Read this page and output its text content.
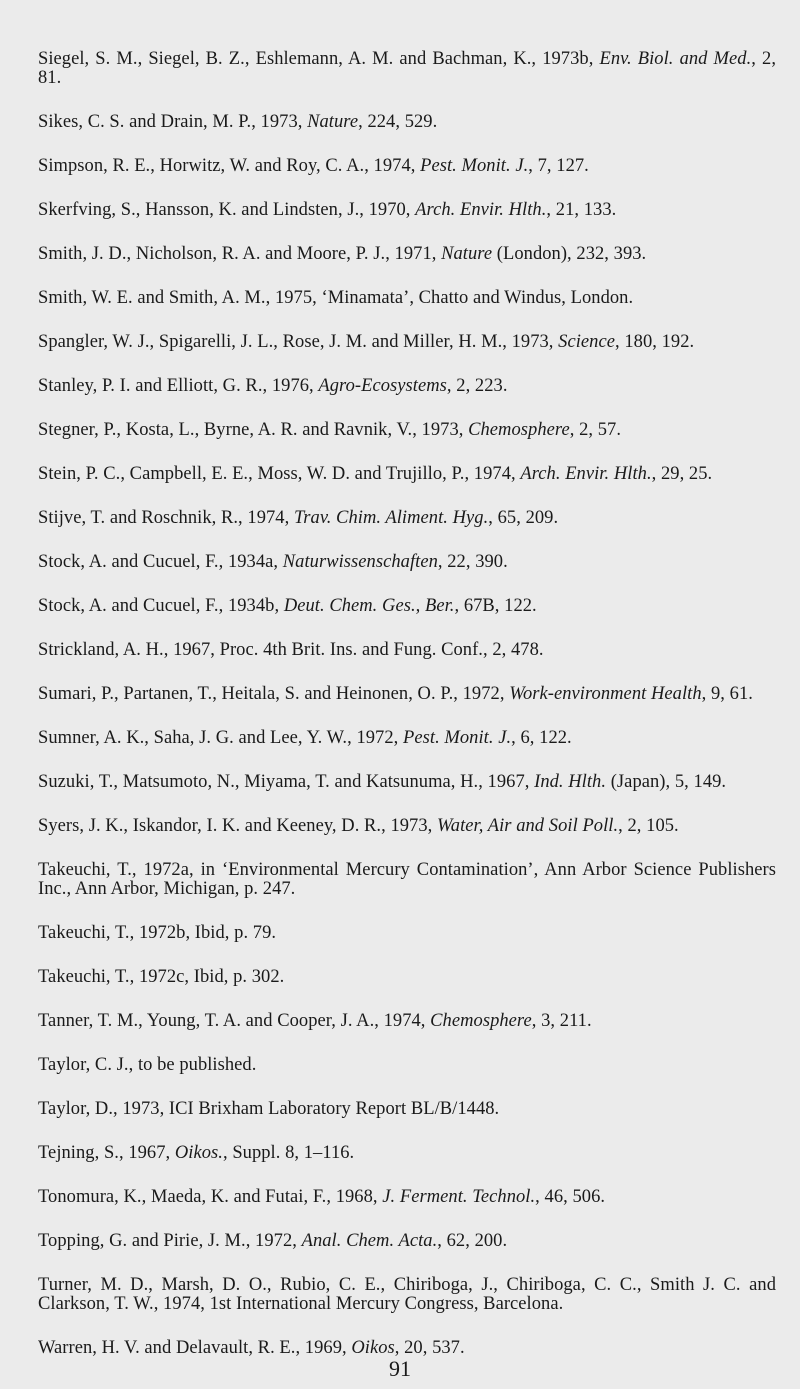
Siegel, S. M., Siegel, B. Z., Eshlemann, A. M. and Bachman, K., 1973b, Env. Biol. and Med., 2, 81.
Sikes, C. S. and Drain, M. P., 1973, Nature, 224, 529.
Simpson, R. E., Horwitz, W. and Roy, C. A., 1974, Pest. Monit. J., 7, 127.
Skerfving, S., Hansson, K. and Lindsten, J., 1970, Arch. Envir. Hlth., 21, 133.
Smith, J. D., Nicholson, R. A. and Moore, P. J., 1971, Nature (London), 232, 393.
Smith, W. E. and Smith, A. M., 1975, ‘Minamata’, Chatto and Windus, London.
Spangler, W. J., Spigarelli, J. L., Rose, J. M. and Miller, H. M., 1973, Science, 180, 192.
Stanley, P. I. and Elliott, G. R., 1976, Agro-Ecosystems, 2, 223.
Stegner, P., Kosta, L., Byrne, A. R. and Ravnik, V., 1973, Chemosphere, 2, 57.
Stein, P. C., Campbell, E. E., Moss, W. D. and Trujillo, P., 1974, Arch. Envir. Hlth., 29, 25.
Stijve, T. and Roschnik, R., 1974, Trav. Chim. Aliment. Hyg., 65, 209.
Stock, A. and Cucuel, F., 1934a, Naturwissenschaften, 22, 390.
Stock, A. and Cucuel, F., 1934b, Deut. Chem. Ges., Ber., 67B, 122.
Strickland, A. H., 1967, Proc. 4th Brit. Ins. and Fung. Conf., 2, 478.
Sumari, P., Partanen, T., Heitala, S. and Heinonen, O. P., 1972, Work-environment Health, 9, 61.
Sumner, A. K., Saha, J. G. and Lee, Y. W., 1972, Pest. Monit. J., 6, 122.
Suzuki, T., Matsumoto, N., Miyama, T. and Katsunuma, H., 1967, Ind. Hlth. (Japan), 5, 149.
Syers, J. K., Iskandor, I. K. and Keeney, D. R., 1973, Water, Air and Soil Poll., 2, 105.
Takeuchi, T., 1972a, in ‘Environmental Mercury Contamination’, Ann Arbor Science Publishers Inc., Ann Arbor, Michigan, p. 247.
Takeuchi, T., 1972b, Ibid, p. 79.
Takeuchi, T., 1972c, Ibid, p. 302.
Tanner, T. M., Young, T. A. and Cooper, J. A., 1974, Chemosphere, 3, 211.
Taylor, C. J., to be published.
Taylor, D., 1973, ICI Brixham Laboratory Report BL/B/1448.
Tejning, S., 1967, Oikos., Suppl. 8, 1–116.
Tonomura, K., Maeda, K. and Futai, F., 1968, J. Ferment. Technol., 46, 506.
Topping, G. and Pirie, J. M., 1972, Anal. Chem. Acta., 62, 200.
Turner, M. D., Marsh, D. O., Rubio, C. E., Chiriboga, J., Chiriboga, C. C., Smith J. C. and Clarkson, T. W., 1974, 1st International Mercury Congress, Barcelona.
Warren, H. V. and Delavault, R. E., 1969, Oikos, 20, 537.
91
